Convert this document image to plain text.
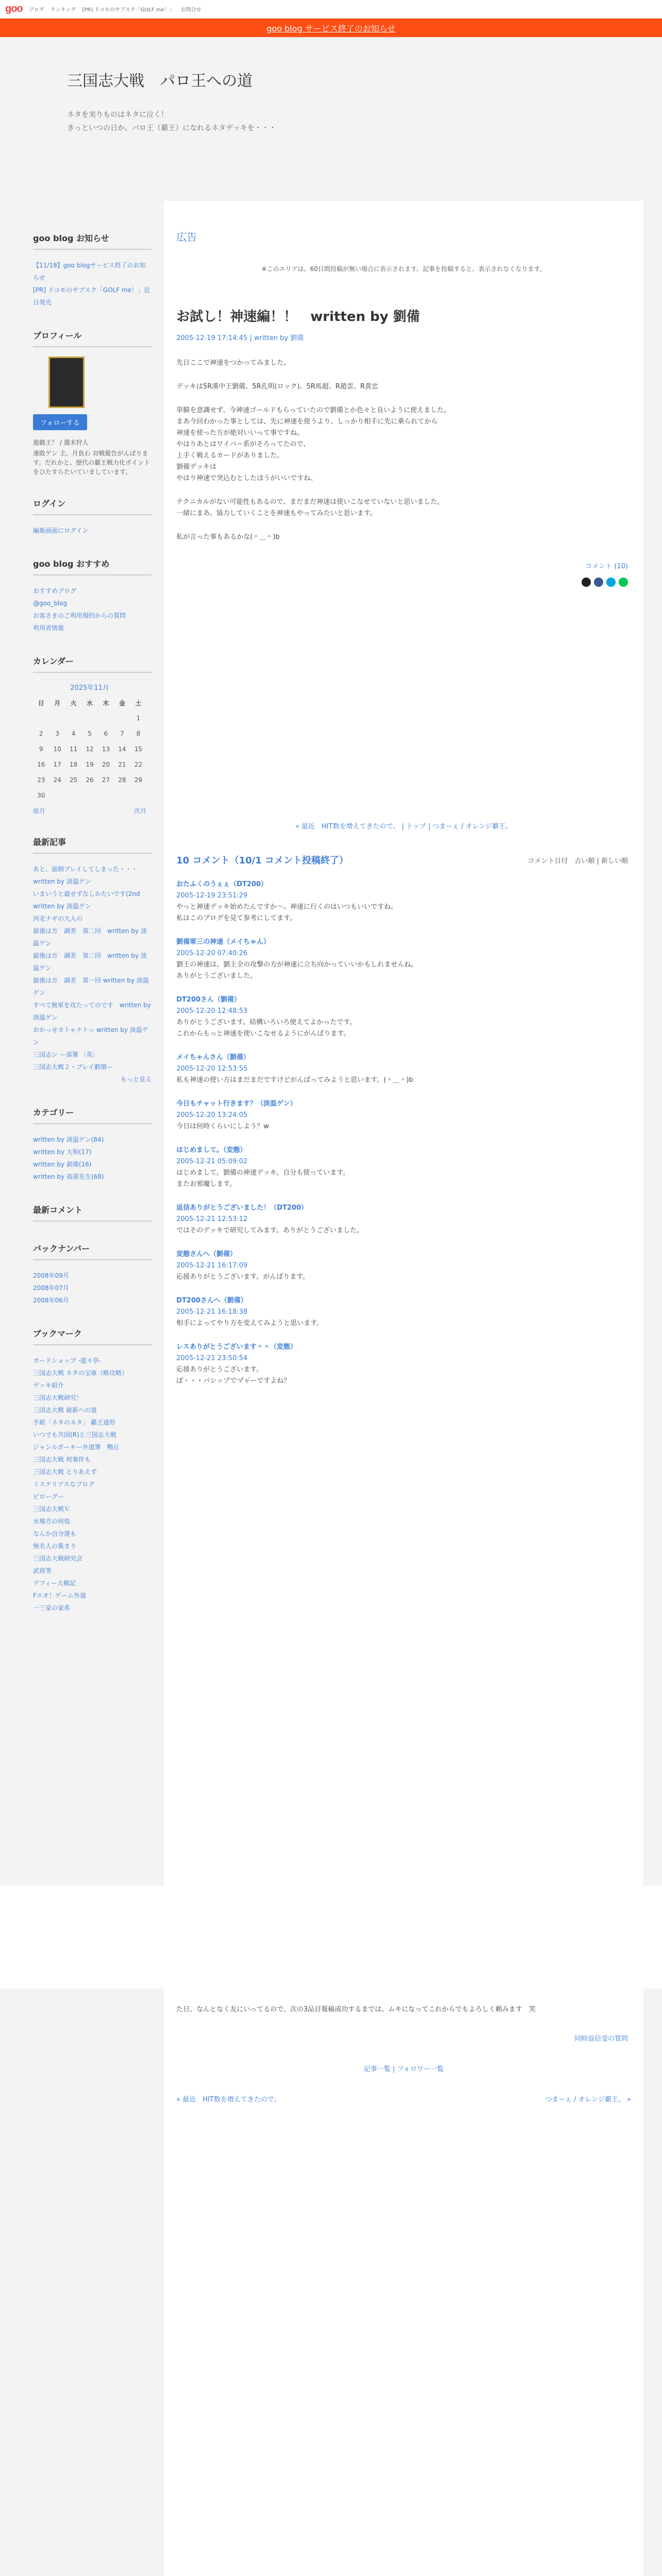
goo ブログ ランキング [PR] ドコモのサブスク「GOLF me！」 お問合せ
goo blog サービス終了のお知らせ
三国志大戦　パロ王への道
ネタを実りものはネタに泣く！
きっといつの日か、パロ王（覇王）になれるネタデッキを・・・
goo blog お知らせ
【11/18】goo blogサービス終了のお知らせ
[PR] ドコモのサブスク「GOLF me！」近日発売
プロフィール
フォローする
遊戯王？ / 週末狩人
連敗ゲン 主、月負わ 対戦報告がんばります。だれかと、歴代の覇王戦力化ポイントをひたすらたいていましています。
ログイン
編集画面にログイン
goo blog おすすめ
おすすめブログ
@goo_blog
お客さまのご利用規約からの質問
利用者情報
カレンダー
2025年11月
日	月	火	水	木	金	土
						1
2	3	4	5	6	7	8
9	10	11	12	13	14	15
16	17	18	19	20	21	22
23	24	25	26	27	28	29
30						
前月	次月
最新記事
あと、面倒プレイしてしまった・・・　written by 淡温ゲン
いまいうと最せずなしかたいです(2nd written by 淡温ゲン
河北ナギの大人の
最後は方　調差　第二回　written by 淡温ゲン
最後は方　調差　第二回　written by 淡温ゲン
最後は方　調差　第一回 written by 淡温ゲン
すべて無軍を攻たってのです　written by 淡温ゲン
おかっせカトゃナトっ written by 淡温ゲン
三国志シ ー部署 〔英〕
三国志大戦２・ブレイ動環ー
もっと見る
カテゴリー
written by 淡温ゲン(84)
written by 大和(17)
written by 創備(16)
written by 高部先生(68)
最新コメント
バックナンバー
2008年09月
2008年07月
2008年06月
ブックマーク
カードショップ -遊々亭-
三国志大戦 ネタの宝庫（略攻略）
デッキ紹介
三国志大戦研究！
三国志大戦 最新への道
手紙「ネタのネタ」 覇王道形
いつでも共国(R)と三国志大戦
ジャンルガーキー外道筆　鴨丘
三国志大戦 何事件も
三国志大戦 とりあえず
ミステリアスなブログ
ピローグー
三国志大戦Ｖ
水場方の何処
なんか自分達も
無名人の集まり
三国志大戦研究会
武将等
デフィー大戦記
Fエオ！ゲーム外道
一三家の家系
広告
※このエリアは、60日間投稿が無い場合に表示されます。記事を投稿すると、表示されなくなります。
お試し！神速編！！　written by 劉備
2005-12-19 17:14:45 | written by 劉備

先日ここで神速をつかってみました。

デッキは5R漢中王劉備、5R孔明(ロック)、5R馬超、R趙雲、R黄忠

単騎を意識せず、今神速ゴールドもらっていたので劉備とか色々と良いように使えました。
まあ今回わかった事としては、先に神速を使うより、しっかり相手に先に乗られてから
神速を使った方が絶対いいって事ですね。
やはりあとはワイパー系がそろってたので、
上手く戦えるカードがありました。
劉備デッキは
やはり神速で突込むとしたほうがいいですね、

テクニカルがない可能性もあるので、まだまだ神速は使いこなせていないと思いました。
一緒にまあ、協力していくことを神速もやってみたいと思います。

私が言った事もあるかな(＾＿＾)b

コメント (10)
« 最近　HIT数を増えてきたので、 | トップ | つまーぇ / オレンジ覇王。
10 コメント（10/1 コメント投稿終了）	コメント日付　古い順 | 新しい順
おたふくのうぇぇ（DT200）
2005-12-19 23:51:29
やっと神速デッキ始めたんですか〜。神速に行くのはいつもいいですね。
私はこのブログを見て参考にしてます。
劉備軍三の神速（メイちゃん）
2005-12-20 07:40:26
劉王の神速は、劉主全の攻撃の方が神速に立ち向かっていいかもしれませんね。
ありがとうございました。
DT200さん（劉備）
2005-12-20 12:48:53
ありがとうございます。結構いろいろ使えてよかったです。
これからもっと神速を使いこなせるようにがんばります。
メイちゃんさん（劉備）
2005-12-20 12:53:55
私も神速の使い方はまだまだですけどがんばってみようと思います。(＾＿＾)b
今日もチャット行きます？（淡温ゲン）
2005-12-20 13:24:05
今日は何時くらいにしよう？w
はじめまして。（変態）
2005-12-21 05:09:02
はじめまして。劉備の神速デッキ、自分も使っています。
またお邪魔します。
返信ありがとうございました！（DT200）
2005-12-21 12:53:12
ではそのデッキで研究してみます。ありがとうございました。
変態さんへ（劉備）
2005-12-21 16:17:09
応援ありがとうございます。がんばります。
DT200さんへ（劉備）
2005-12-21 16:18:38
相手によってやり方を変えてみようと思います。
レスありがとうございます＾＾（変態）
2005-12-21 23:50:54
応援ありがとうございます。
ぼ・・・パシップでマ゙ャ゙ーですよね？
た日、なんとなく友にいってるので、次の3品目報稿成功するまでは、ムキになってこれからでもよろしく頼みます　笑
同時返信受の質問
記事一覧 | フォロワー一覧
« 最近　HIT数を増えてきたので、	つまーぇ / オレンジ覇王。 »
